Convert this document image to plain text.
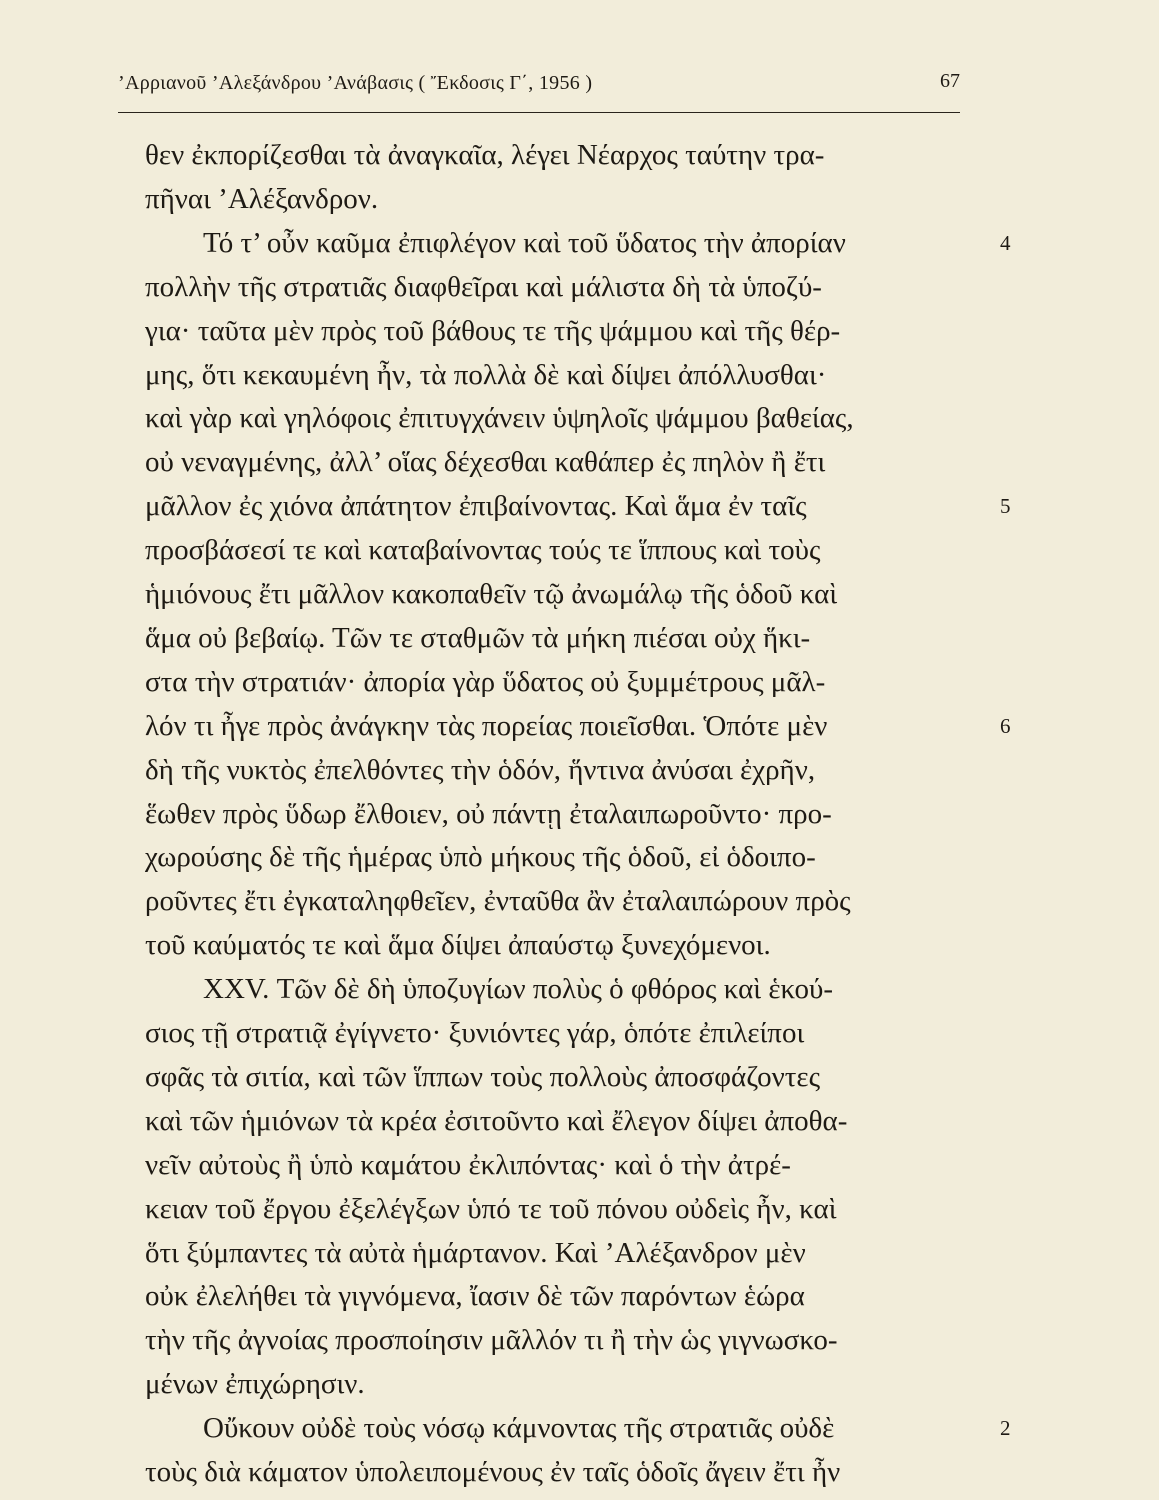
’Αρριανοῦ ’Αλεξάνδρου ’Ανάβασις ( Ἔκδοσις Γ΄, 1956 )	67
θεν ἐκπορίζεσθαι τὰ ἀναγκαῖα, λέγει Νέαρχος ταύτην τρα-
πῆναι ’Αλέξανδρον.
Τό τ’ οὖν καῦμα ἐπιφλέγον καὶ τοῦ ὕδατος τὴν ἀπορίαν
πολλὴν τῆς στρατιᾶς διαφθεῖραι καὶ μάλιστα δὴ τὰ ὑποζύ-
για· ταῦτα μὲν πρὸς τοῦ βάθους τε τῆς ψάμμου καὶ τῆς θέρ-
μης, ὅτι κεκαυμένη ἦν, τὰ πολλὰ δὲ καὶ δίψει ἀπόλλυσθαι·
καὶ γὰρ καὶ γηλόφοις ἐπιτυγχάνειν ὑψηλοῖς ψάμμου βαθείας,
οὐ νεναγμένης, ἀλλ’ οἵας δέχεσθαι καθάπερ ἐς πηλὸν ἢ ἔτι
μᾶλλον ἐς χιόνα ἀπάτητον ἐπιβαίνοντας. Καὶ ἅμα ἐν ταῖς
προσβάσεσί τε καὶ καταβαίνοντας τούς τε ἵππους καὶ τοὺς
ἡμιόνους ἔτι μᾶλλον κακοπαθεῖν τῷ ἀνωμάλῳ τῆς ὁδοῦ καὶ
ἅμα οὐ βεβαίῳ. Τῶν τε σταθμῶν τὰ μήκη πιέσαι οὐχ ἥκι-
στα τὴν στρατιάν· ἀπορία γὰρ ὕδατος οὐ ξυμμέτρους μᾶλ-
λόν τι ἦγε πρὸς ἀνάγκην τὰς πορείας ποιεῖσθαι. Ὁπότε μὲν
δὴ τῆς νυκτὸς ἐπελθόντες τὴν ὁδόν, ἥντινα ἀνύσαι ἐχρῆν,
ἕωθεν πρὸς ὕδωρ ἔλθοιεν, οὐ πάντῃ ἐταλαιπωροῦντο· προ-
χωρούσης δὲ τῆς ἡμέρας ὑπὸ μήκους τῆς ὁδοῦ, εἰ ὁδοιπο-
ροῦντες ἔτι ἐγκαταληφθεῖεν, ἐνταῦθα ἂν ἐταλαιπώρουν πρὸς
τοῦ καύματός τε καὶ ἅμα δίψει ἀπαύστῳ ξυνεχόμενοι.
XXV. Τῶν δὲ δὴ ὑποζυγίων πολὺς ὁ φθόρος καὶ ἑκού-
σιος τῇ στρατιᾷ ἐγίγνετο· ξυνιόντες γάρ, ὁπότε ἐπιλείποι
σφᾶς τὰ σιτία, καὶ τῶν ἵππων τοὺς πολλοὺς ἀποσφάζοντες
καὶ τῶν ἡμιόνων τὰ κρέα ἐσιτοῦντο καὶ ἔλεγον δίψει ἀποθα-
νεῖν αὐτοὺς ἢ ὑπὸ καμάτου ἐκλιπόντας· καὶ ὁ τὴν ἀτρέ-
κειαν τοῦ ἔργου ἐξελέγξων ὑπό τε τοῦ πόνου οὐδεὶς ἦν, καὶ
ὅτι ξύμπαντες τὰ αὐτὰ ἡμάρτανον. Καὶ ’Αλέξανδρον μὲν
οὐκ ἐλελήθει τὰ γιγνόμενα, ἴασιν δὲ τῶν παρόντων ἑώρα
τὴν τῆς ἀγνοίας προσποίησιν μᾶλλόν τι ἢ τὴν ὡς γιγνωσκο-
μένων ἐπιχώρησιν.
Οὔκουν οὐδὲ τοὺς νόσῳ κάμνοντας τῆς στρατιᾶς οὐδὲ
τοὺς διὰ κάματον ὑπολειπομένους ἐν ταῖς ὁδοῖς ἄγειν ἔτι ἦν
4
5
6
2
